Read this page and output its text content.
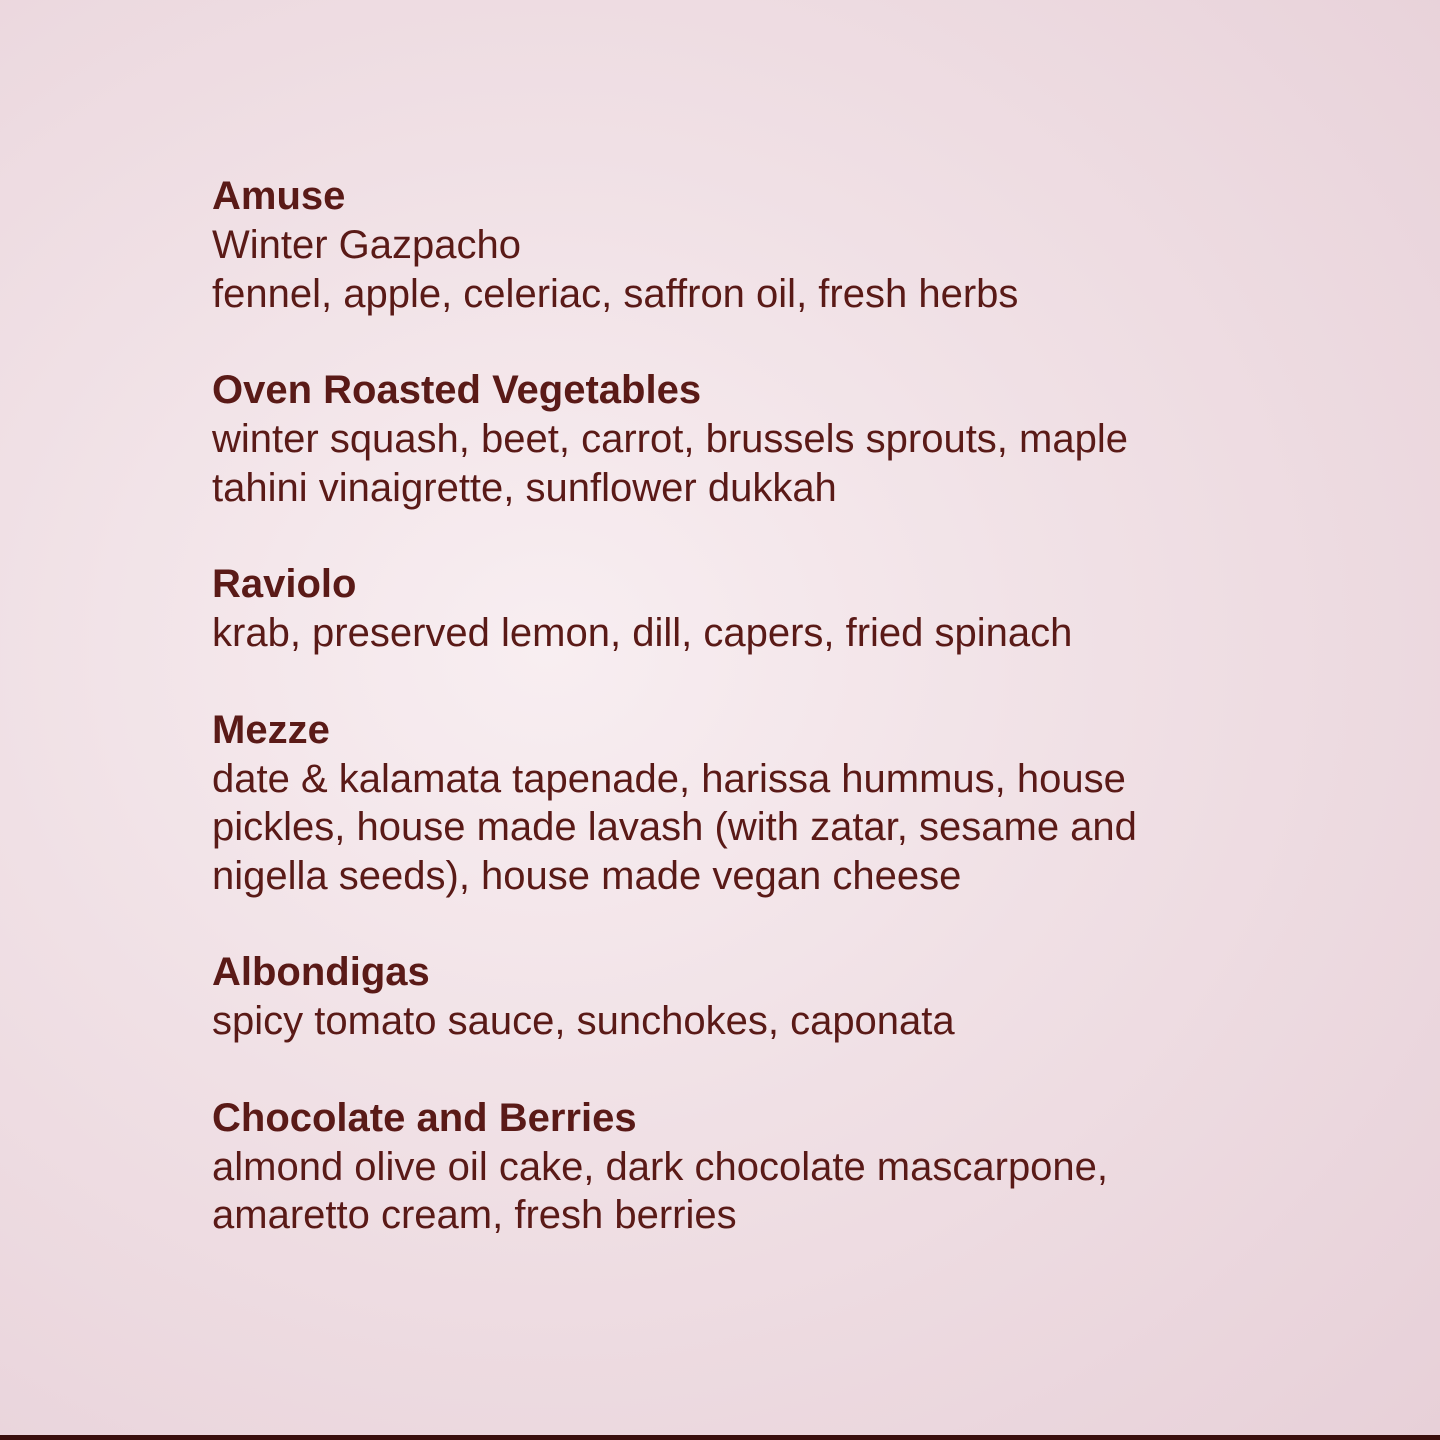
Amuse
Winter Gazpacho
fennel, apple, celeriac, saffron oil, fresh herbs
Oven Roasted Vegetables
winter squash, beet, carrot, brussels sprouts, maple
tahini vinaigrette, sunflower dukkah
Raviolo
krab, preserved lemon, dill, capers, fried spinach
Mezze
date & kalamata tapenade, harissa hummus, house
pickles, house made lavash (with zatar, sesame and
nigella seeds), house made vegan cheese
Albondigas
spicy tomato sauce, sunchokes, caponata
Chocolate and Berries
almond olive oil cake, dark chocolate mascarpone,
amaretto cream, fresh berries
